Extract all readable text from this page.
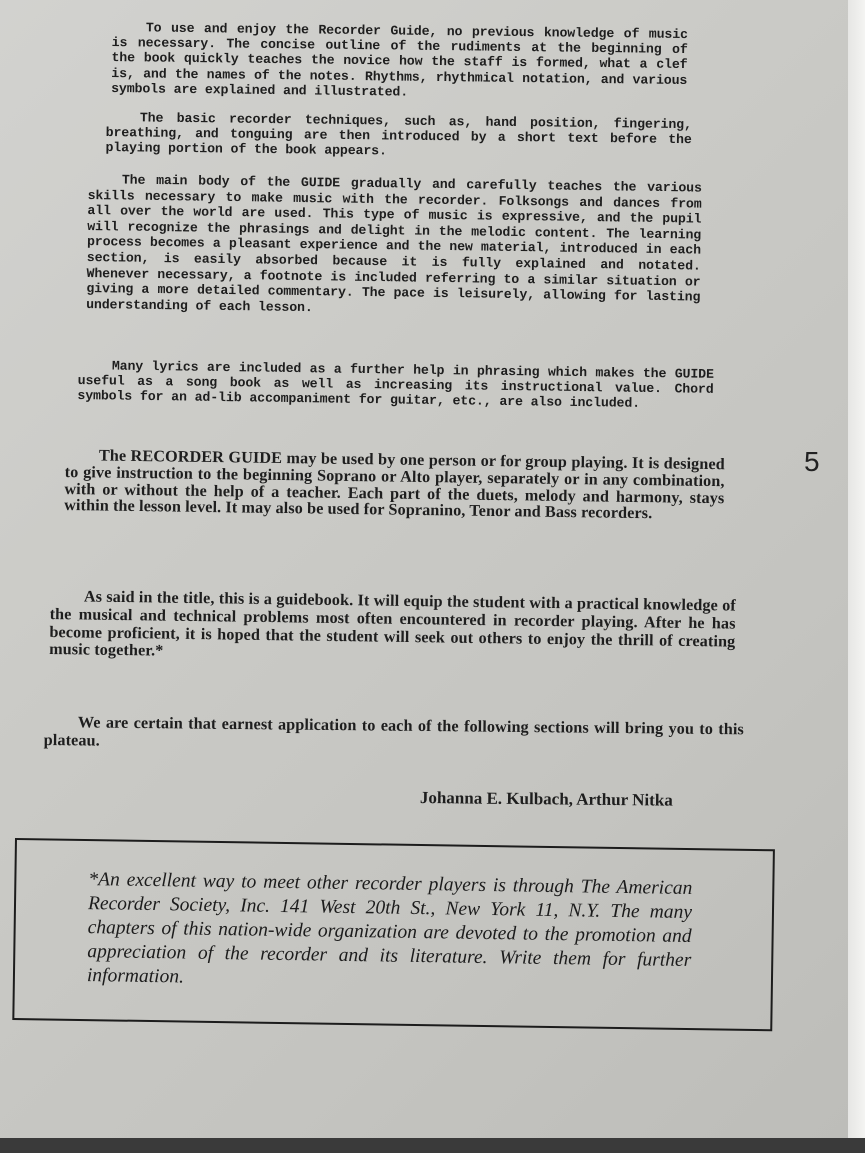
To use and enjoy the Recorder Guide, no previous knowledge of music is necessary. The concise outline of the rudiments at the beginning of the book quickly teaches the novice how the staff is formed, what a clef is, and the names of the notes. Rhythms, rhythmical notation, and various symbols are explained and illustrated.

The basic recorder techniques, such as, hand position, fingering, breathing, and tonguing are then introduced by a short text before the playing portion of the book appears.

The main body of the GUIDE gradually and carefully teaches the various skills necessary to make music with the recorder. Folksongs and dances from all over the world are used. This type of music is expressive, and the pupil will recognize the phrasings and delight in the melodic content. The learning process becomes a pleasant experience and the new material, introduced in each section, is easily absorbed because it is fully explained and notated. Whenever necessary, a footnote is included referring to a similar situation or giving a more detailed commentary. The pace is leisurely, allowing for lasting understanding of each lesson.

Many lyrics are included as a further help in phrasing which makes the GUIDE useful as a song book as well as increasing its instructional value. Chord symbols for an ad-lib accompaniment for guitar, etc., are also included.

The RECORDER GUIDE may be used by one person or for group playing. It is designed to give instruction to the beginning Soprano or Alto player, separately or in any combination, with or without the help of a teacher. Each part of the duets, melody and harmony, stays within the lesson level. It may also be used for Sopranino, Tenor and Bass recorders.

As said in the title, this is a guidebook. It will equip the student with a practical knowledge of the musical and technical problems most often encountered in recorder playing. After he has become proficient, it is hoped that the student will seek out others to enjoy the thrill of creating music together.*

We are certain that earnest application to each of the following sections will bring you to this plateau.

Johanna E. Kulbach, Arthur Nitka
5

*An excellent way to meet other recorder players is through The American Recorder Society, Inc. 141 West 20th St., New York 11, N.Y. The many chapters of this nation-wide organization are devoted to the promotion and appreciation of the recorder and its literature. Write them for further information.
